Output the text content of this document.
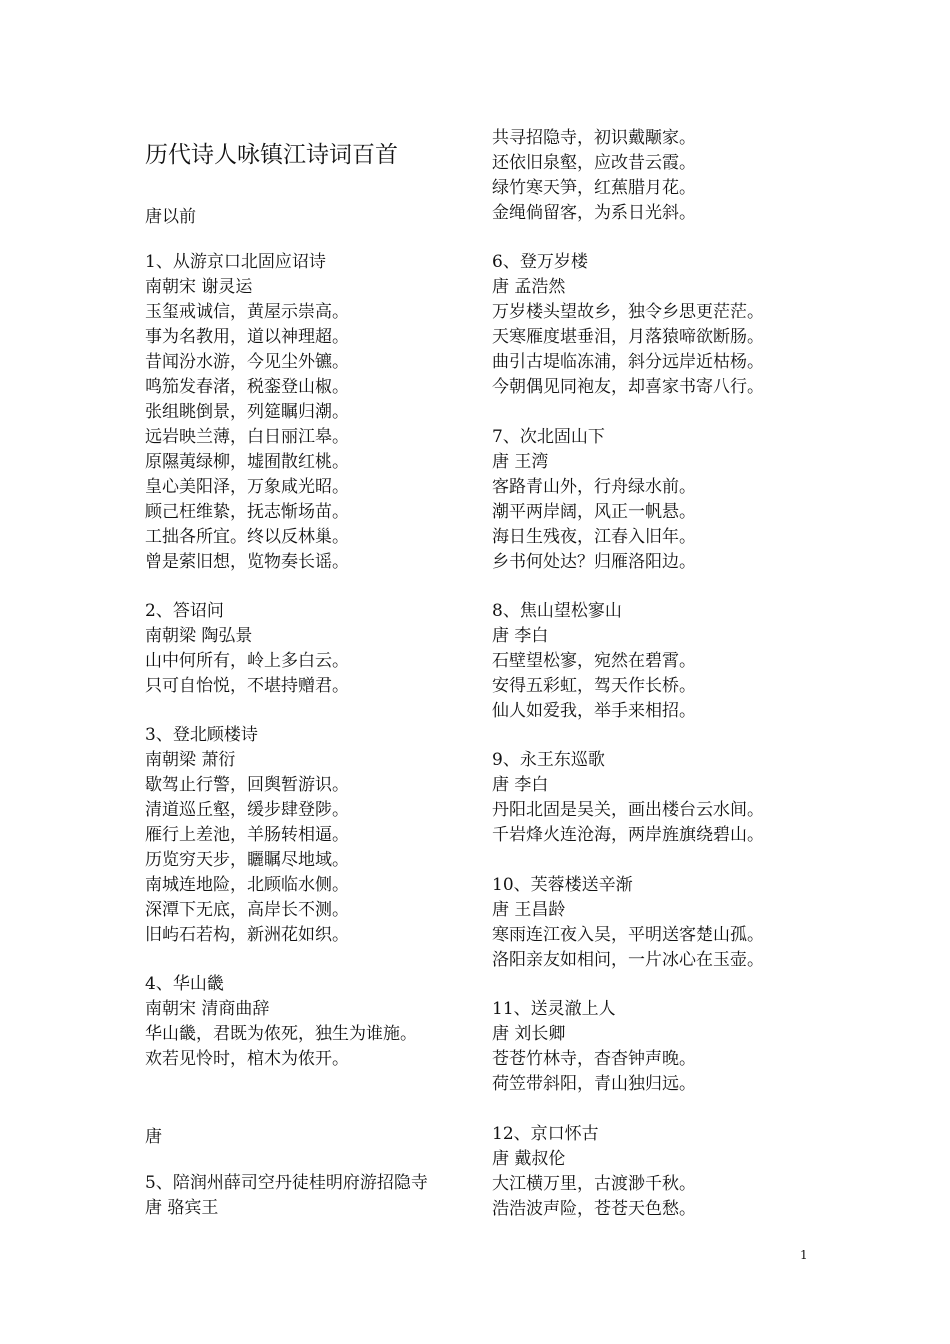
历代诗人咏镇江诗词百首
唐以前
1、从游京口北固应诏诗
南朝宋 谢灵运
玉玺戒诚信，黄屋示崇高。
事为名教用，道以神理超。
昔闻汾水游，今见尘外镳。
鸣笳发春渚，税銮登山椒。
张组眺倒景，列筵瞩归潮。
远岩映兰薄，白日丽江皋。
原隰荑绿柳，墟囿散红桃。
皇心美阳泽，万象咸光昭。
顾己枉维絷，抚志惭场苗。
工拙各所宜。终以反林巢。
曾是萦旧想，览物奏长谣。
2、答诏问
南朝梁 陶弘景
山中何所有，岭上多白云。
只可自怡悦，不堪持赠君。
3、登北顾楼诗
南朝梁 萧衍
歇驾止行警，回舆暂游识。
清道巡丘壑，缓步肆登陟。
雁行上差池，羊肠转相逼。
历览穷天步，矖瞩尽地域。
南城连地险，北顾临水侧。
深潭下无底，高岸长不测。
旧屿石若构，新洲花如织。
4、华山畿
南朝宋 清商曲辞
华山畿，君既为侬死，独生为谁施。
欢若见怜时，棺木为侬开。
唐
5、陪润州薛司空丹徒桂明府游招隐寺
唐 骆宾王
共寻招隐寺，初识戴颙家。
还依旧泉壑，应改昔云霞。
绿竹寒天笋，红蕉腊月花。
金绳倘留客，为系日光斜。
6、登万岁楼
唐 孟浩然
万岁楼头望故乡，独令乡思更茫茫。
天寒雁度堪垂泪，月落猿啼欲断肠。
曲引古堤临冻浦，斜分远岸近枯杨。
今朝偶见同袍友，却喜家书寄八行。
7、次北固山下
唐 王湾
客路青山外，行舟绿水前。
潮平两岸阔，风正一帆悬。
海日生残夜，江春入旧年。
乡书何处达？归雁洛阳边。
8、焦山望松寥山
唐 李白
石壁望松寥，宛然在碧霄。
安得五彩虹，驾天作长桥。
仙人如爱我，举手来相招。
9、永王东巡歌
唐 李白
丹阳北固是吴关，画出楼台云水间。
千岩烽火连沧海，两岸旌旗绕碧山。
10、芙蓉楼送辛渐
唐 王昌龄
寒雨连江夜入吴，平明送客楚山孤。
洛阳亲友如相问，一片冰心在玉壶。
11、送灵澈上人
唐 刘长卿
苍苍竹林寺，杳杳钟声晚。
荷笠带斜阳，青山独归远。
12、京口怀古
唐 戴叔伦
大江横万里，古渡渺千秋。
浩浩波声险，苍苍天色愁。
1
